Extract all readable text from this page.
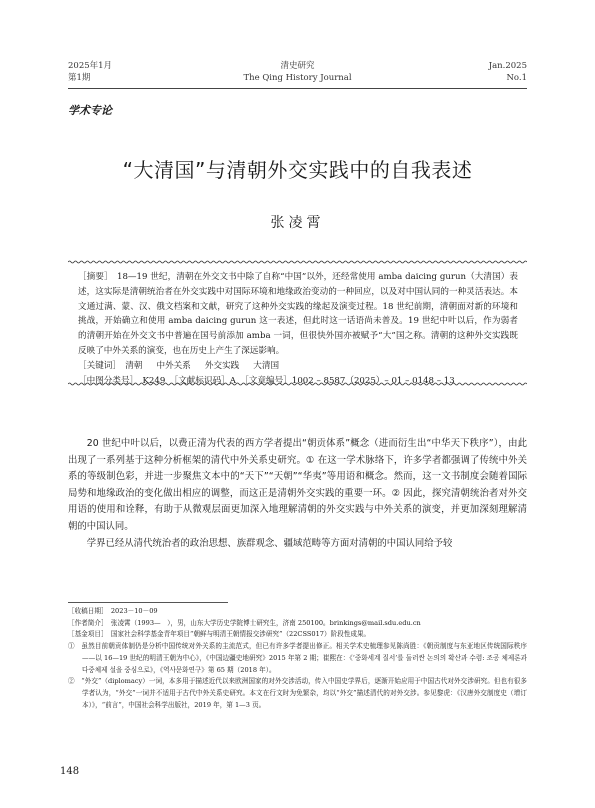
2025年1月
第1期
清史研究
The Qing History Journal
Jan.2025
No.1
学术专论
“大清国”与清朝外交实践中的自我表述
张凌霄

［摘要］　 18—19 世纪，清朝在外交文书中除了自称“中国”以外，还经常使用 amba daicing gurun（大清国）表述，这实际是清朝统治者在外交实践中对国际环境和地缘政治变动的一种回应，以及对中国认同的一种灵活表达。本文通过满、蒙、汉、俄文档案和文献，研究了这种外交实践的缘起及演变过程。18 世纪前期，清朝面对新的环境和挑战，开始确立和使用 amba daicing gurun 这一表述，但此时这一话语尚未普及。19 世纪中叶以后，作为弱者的清朝开始在外交文书中普遍在国号前添加 amba 一词，但很快外国亦被赋予“大”国之称。清朝的这种外交实践既反映了中外关系的演变，也在历史上产生了深远影响。

［关键词］　 清朝 中外关系 外交实践 大清国

［中图分类号］　 K249　 ［文献标识码］A　 ［文章编号］1002 – 8587（2025）– 01 – 0148 – 13

20 世纪中叶以后，以费正清为代表的西方学者提出“朝贡体系”概念（进而衍生出“中华天下秩序”），由此出现了一系列基于这种分析框架的清代中外关系史研究。① 在这一学术脉络下，许多学者都强调了传统中外关系的等级制色彩，并进一步聚焦文本中的“天下”“天朝”“华夷”等用语和概念。然而，这一文书制度会随着国际局势和地缘政治的变化做出相应的调整，而这正是清朝外交实践的重要一环。② 因此，探究清朝统治者对外交用语的使用和诠释，有助于从微观层面更加深入地理解清朝的外交实践与中外关系的演变，并更加深刻理解清朝的中国认同。

学界已经从清代统治者的政治思想、族群观念、疆域范畴等方面对清朝的中国认同给予较

［收稿日期］　2023－10－09

［作者简介］　张凌霄（1993—　），男，山东大学历史学院博士研究生，济南 250100。brinkings@mail.sdu.edu.cn

［基金项目］　国家社会科学基金青年项目“朝鲜与明清王朝情报交涉研究”（22CSS017）阶段性成果。

①　虽然目前朝贡体制仍是分析中国传统对外关系的主流范式，但已有许多学者提出修正。相关学术史梳理参见陈尚胜：《朝贡制度与东亚地区传统国际秩序——以 16—19 世纪的明清王朝为中心》，《中国边疆史地研究》2015 年第 2 期；崔熙在：《‘중화세계 질서’를 둘러싼 논의의 확산과 수렴: 조공 체제론과 다중체제 설을 중심으로》，《역사문화연구》第 65 期（2018 年）。

②　“外交”（diplomacy）一词，本多用于描述近代以来欧洲国家的对外交涉活动，传入中国史学界后，逐渐开始应用于中国古代对外交涉研究。但也有很多学者认为，“外交”一词并不适用于古代中外关系史研究。本文在行文时为免繁杂，均以“外交”描述清代的对外交涉。参见黎虎：《汉唐外交制度史（增订本）》，“前言”，中国社会科学出版社，2019 年，第 1—3 页。

148
